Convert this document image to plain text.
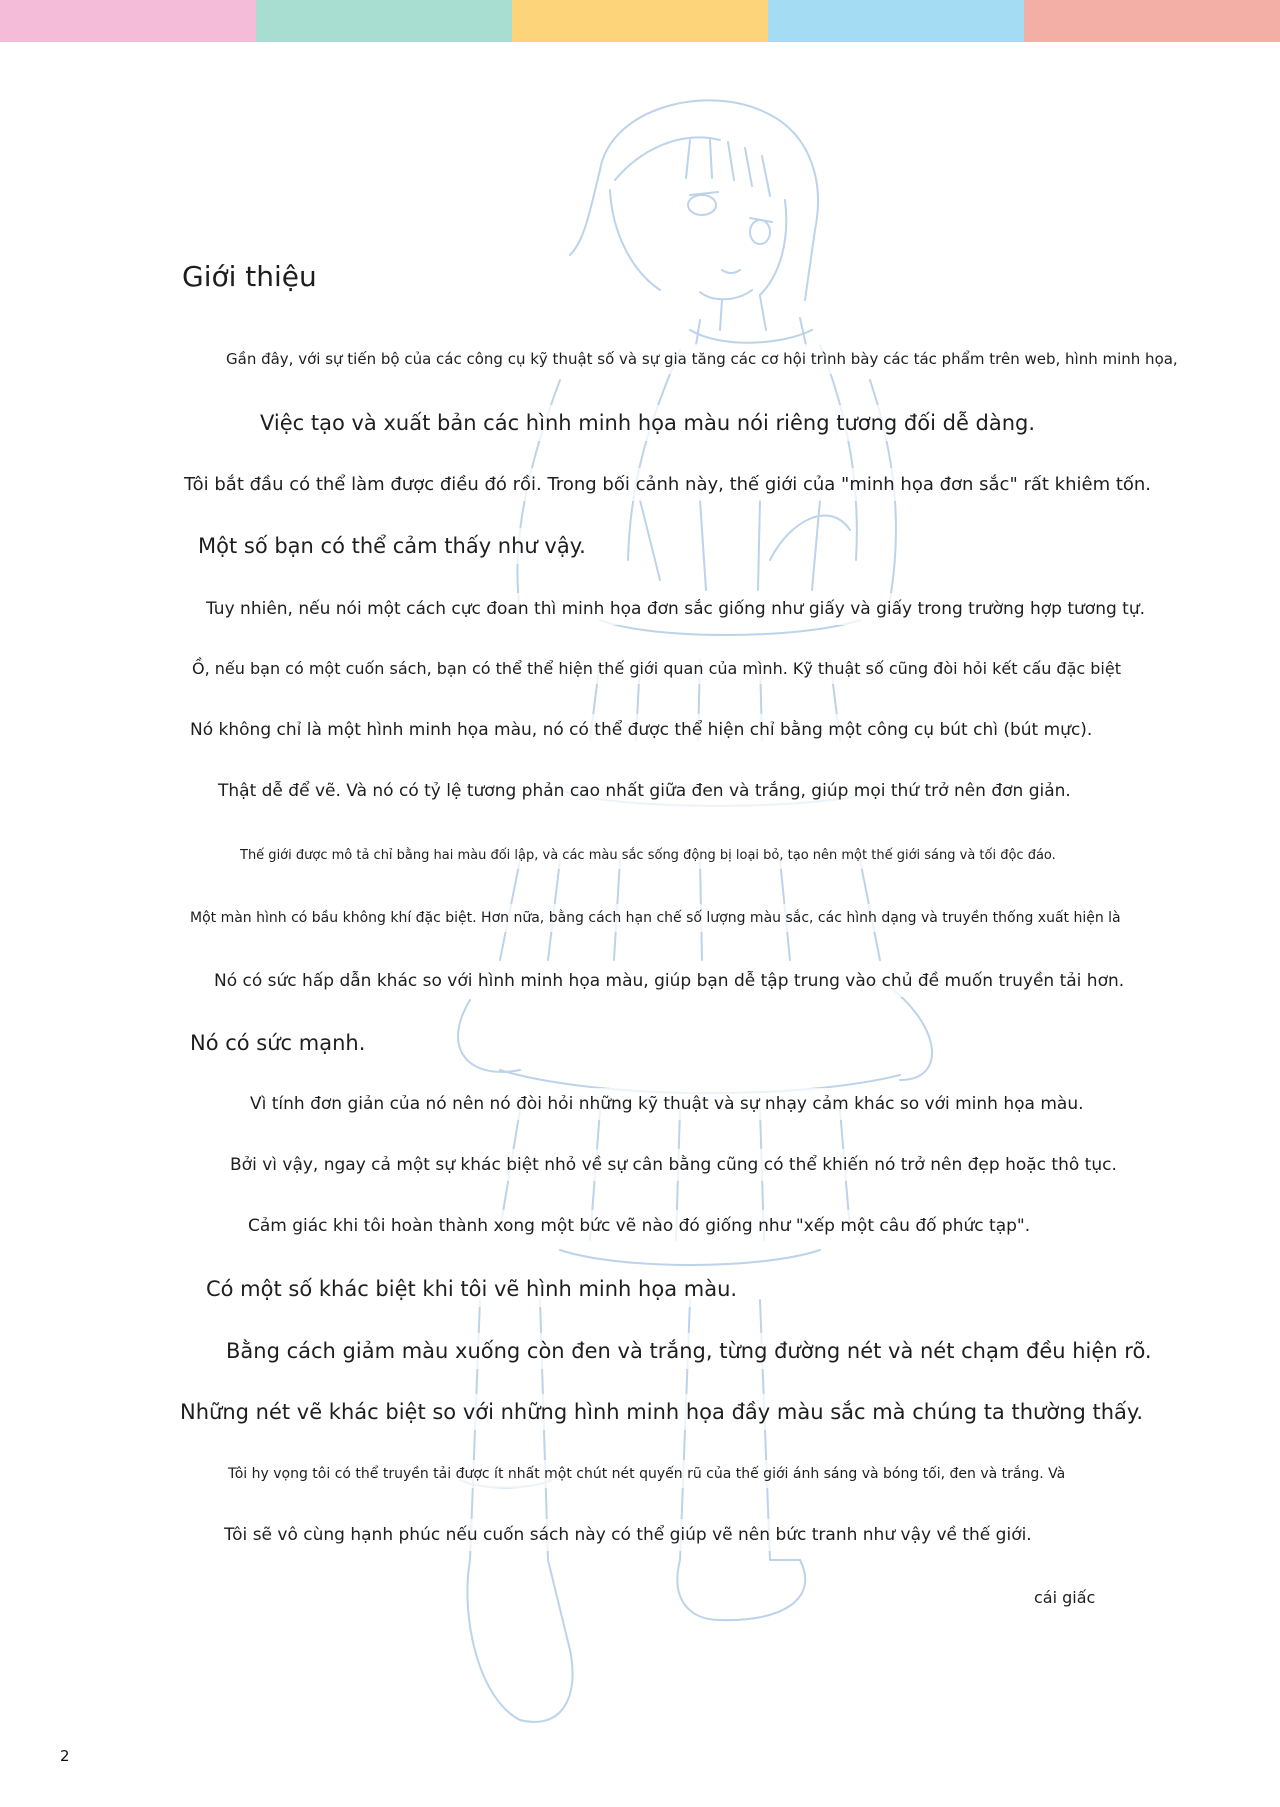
Giới thiệu
Gần đây, với sự tiến bộ của các công cụ kỹ thuật số và sự gia tăng các cơ hội trình bày các tác phẩm trên web, hình minh họa,
Việc tạo và xuất bản các hình minh họa màu nói riêng tương đối dễ dàng.
Tôi bắt đầu có thể làm được điều đó rồi. Trong bối cảnh này, thế giới của "minh họa đơn sắc" rất khiêm tốn.
Một số bạn có thể cảm thấy như vậy.
Tuy nhiên, nếu nói một cách cực đoan thì minh họa đơn sắc giống như giấy và giấy trong trường hợp tương tự.
Ồ, nếu bạn có một cuốn sách, bạn có thể thể hiện thế giới quan của mình. Kỹ thuật số cũng đòi hỏi kết cấu đặc biệt
Nó không chỉ là một hình minh họa màu, nó có thể được thể hiện chỉ bằng một công cụ bút chì (bút mực).
Thật dễ để vẽ. Và nó có tỷ lệ tương phản cao nhất giữa đen và trắng, giúp mọi thứ trở nên đơn giản.
Thế giới được mô tả chỉ bằng hai màu đối lập, và các màu sắc sống động bị loại bỏ, tạo nên một thế giới sáng và tối độc đáo.
Một màn hình có bầu không khí đặc biệt. Hơn nữa, bằng cách hạn chế số lượng màu sắc, các hình dạng và truyền thống xuất hiện là
Nó có sức hấp dẫn khác so với hình minh họa màu, giúp bạn dễ tập trung vào chủ đề muốn truyền tải hơn.
Nó có sức mạnh.
Vì tính đơn giản của nó nên nó đòi hỏi những kỹ thuật và sự nhạy cảm khác so với minh họa màu.
Bởi vì vậy, ngay cả một sự khác biệt nhỏ về sự cân bằng cũng có thể khiến nó trở nên đẹp hoặc thô tục.
Cảm giác khi tôi hoàn thành xong một bức vẽ nào đó giống như "xếp một câu đố phức tạp".
Có một số khác biệt khi tôi vẽ hình minh họa màu.
Bằng cách giảm màu xuống còn đen và trắng, từng đường nét và nét chạm đều hiện rõ.
Những nét vẽ khác biệt so với những hình minh họa đầy màu sắc mà chúng ta thường thấy.
Tôi hy vọng tôi có thể truyền tải được ít nhất một chút nét quyến rũ của thế giới ánh sáng và bóng tối, đen và trắng. Và
Tôi sẽ vô cùng hạnh phúc nếu cuốn sách này có thể giúp vẽ nên bức tranh như vậy về thế giới.
cái giấc
2
